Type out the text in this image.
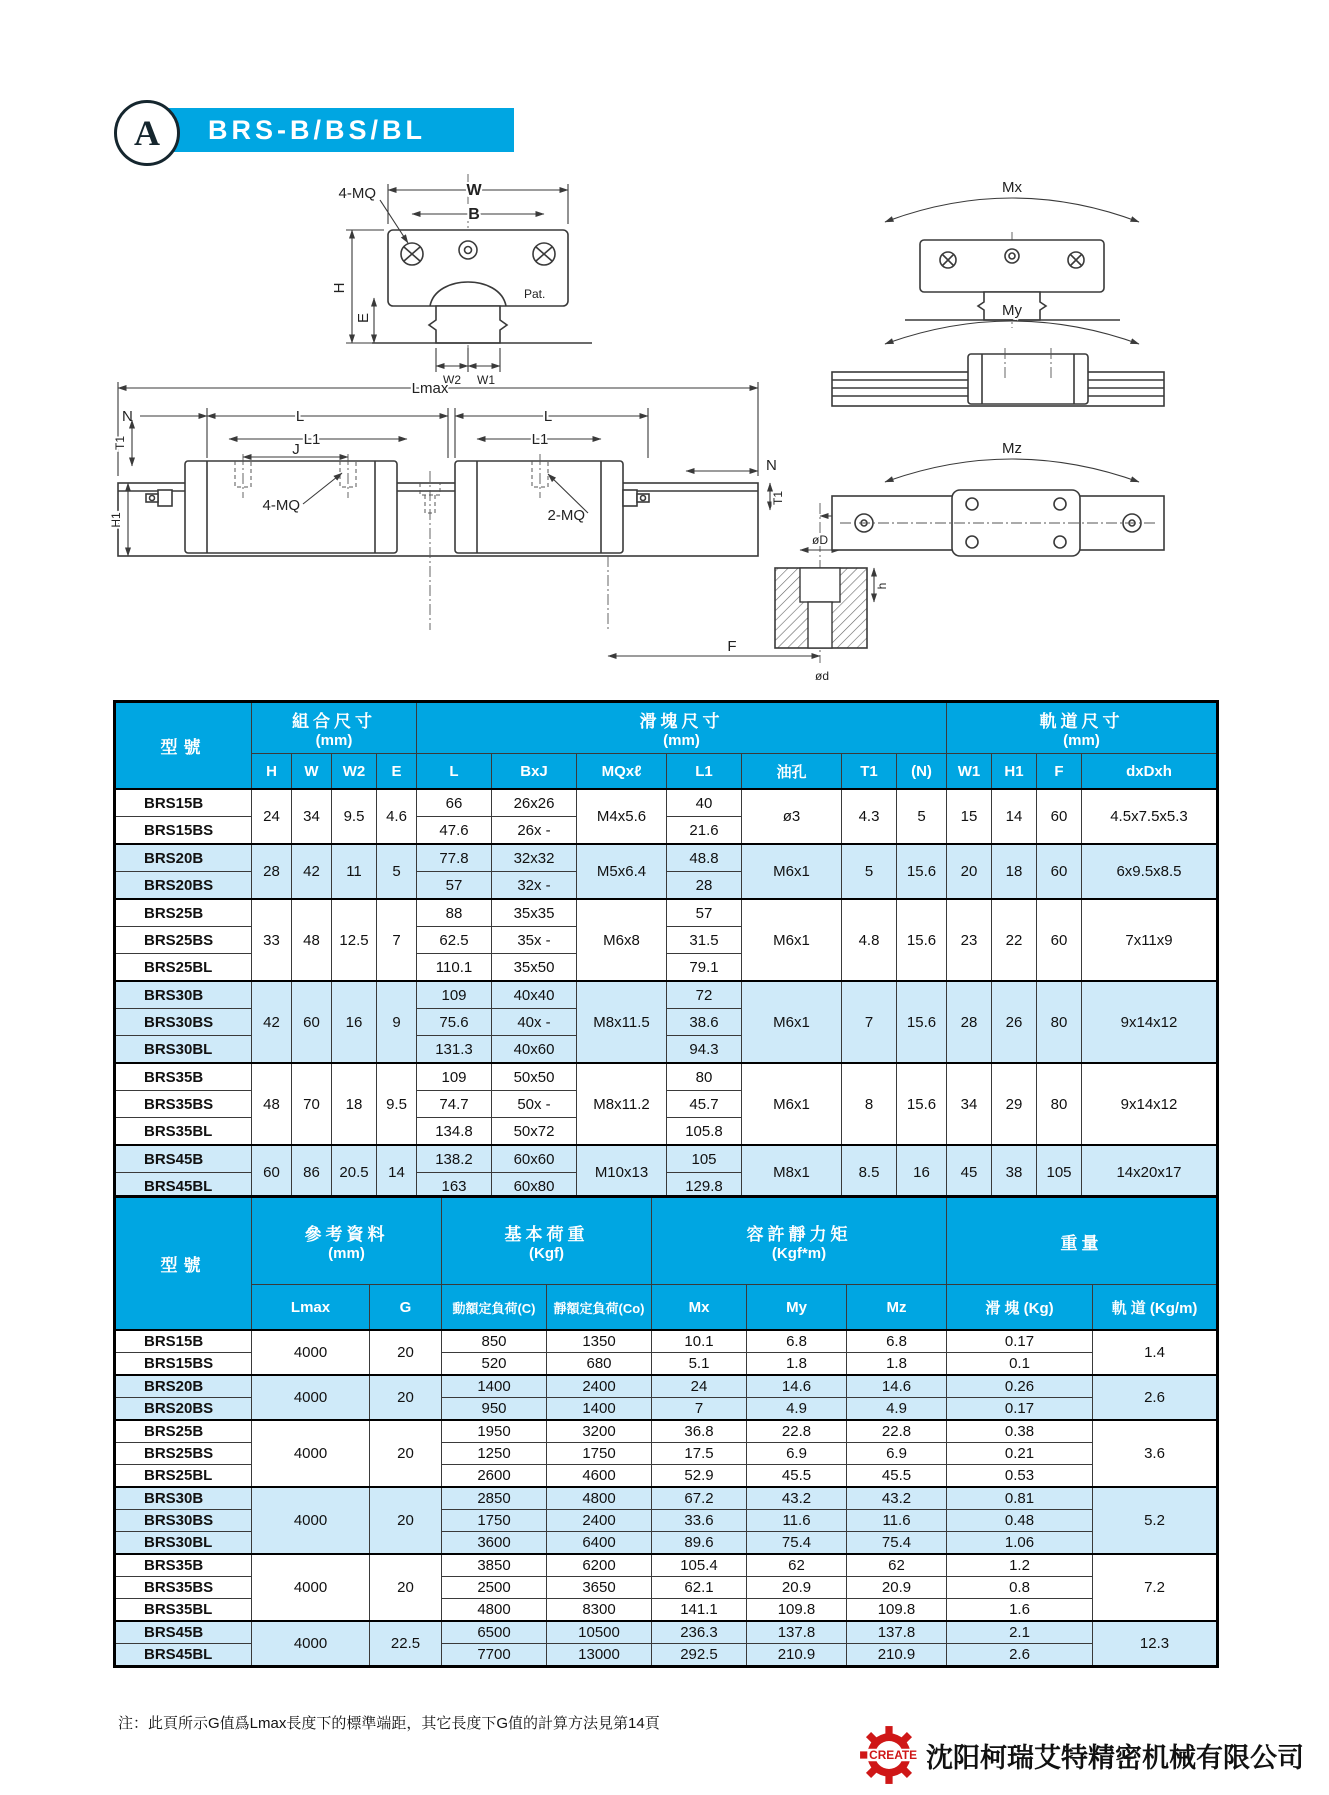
A	BRS-B/BS/BL
W
B
4-MQ
H
E
W2 W1
Pat.
Lmax
N	L
L1
J
T1
H1
4-MQ
2-MQ
L
L1
N
T1
øD
h
ød
F
Mx
My
Mz
型號	
組合尺寸
(mm)

滑塊尺寸
(mm)

軌道尺寸
(mm)

	H	W	W2	E	L	BxJ	MQxℓ	L1	油孔	T1	(N)	W1	H1	F	dxDxh
BRS15B	24	34	9.5	4.6	66	26x26	M4x5.6	40	ø3	4.3	5	15	14	60	4.5x7.5x5.3
BRS15BS					47.6	26x -		21.6							
BRS20B	28	42	11	5	77.8	32x32	M5x6.4	48.8	M6x1	5	15.6	20	18	60	6x9.5x8.5
BRS20BS					57	32x -		28							
BRS25B	33	48	12.5	7	88	35x35	M6x8	57	M6x1	4.8	15.6	23	22	60	7x11x9
BRS25BS					62.5	35x -		31.5							
BRS25BL					110.1	35x50		79.1							
BRS30B	42	60	16	9	109	40x40	M8x11.5	72	M6x1	7	15.6	28	26	80	9x14x12
BRS30BS					75.6	40x -		38.6							
BRS30BL					131.3	40x60		94.3							
BRS35B	48	70	18	9.5	109	50x50	M8x11.2	80	M6x1	8	15.6	34	29	80	9x14x12
BRS35BS					74.7	50x -		45.7							
BRS35BL					134.8	50x72		105.8							
BRS45B	60	86	20.5	14	138.2	60x60	M10x13	105	M8x1	8.5	16	45	38	105	14x20x17
BRS45BL					163	60x80		129.8							
型號	
參考資料
(mm)

基本荷重
(Kgf)

容許靜力矩
(Kgf*m)

重量

	Lmax	G	動額定負荷(C)	靜額定負荷(Co)	Mx	My	Mz	滑 塊 (Kg)	軌 道 (Kg/m)
BRS15B	4000	20	850	1350	10.1	6.8	6.8	0.17	1.4
BRS15BS			520	680	5.1	1.8	1.8	0.1	
BRS20B	4000	20	1400	2400	24	14.6	14.6	0.26	2.6
BRS20BS			950	1400	7	4.9	4.9	0.17	
BRS25B	4000	20	1950	3200	36.8	22.8	22.8	0.38	3.6
BRS25BS			1250	1750	17.5	6.9	6.9	0.21	
BRS25BL			2600	4600	52.9	45.5	45.5	0.53	
BRS30B	4000	20	2850	4800	67.2	43.2	43.2	0.81	5.2
BRS30BS			1750	2400	33.6	11.6	11.6	0.48	
BRS30BL			3600	6400	89.6	75.4	75.4	1.06	
BRS35B	4000	20	3850	6200	105.4	62	62	1.2	7.2
BRS35BS			2500	3650	62.1	20.9	20.9	0.8	
BRS35BL			4800	8300	141.1	109.8	109.8	1.6	
BRS45B	4000	22.5	6500	10500	236.3	137.8	137.8	2.1	12.3
BRS45BL			7700	13000	292.5	210.9	210.9	2.6	
注：此頁所示G值爲Lmax長度下的標準端距，其它長度下G值的計算方法見第14頁
CREATE 沈阳柯瑞艾特精密机械有限公司
